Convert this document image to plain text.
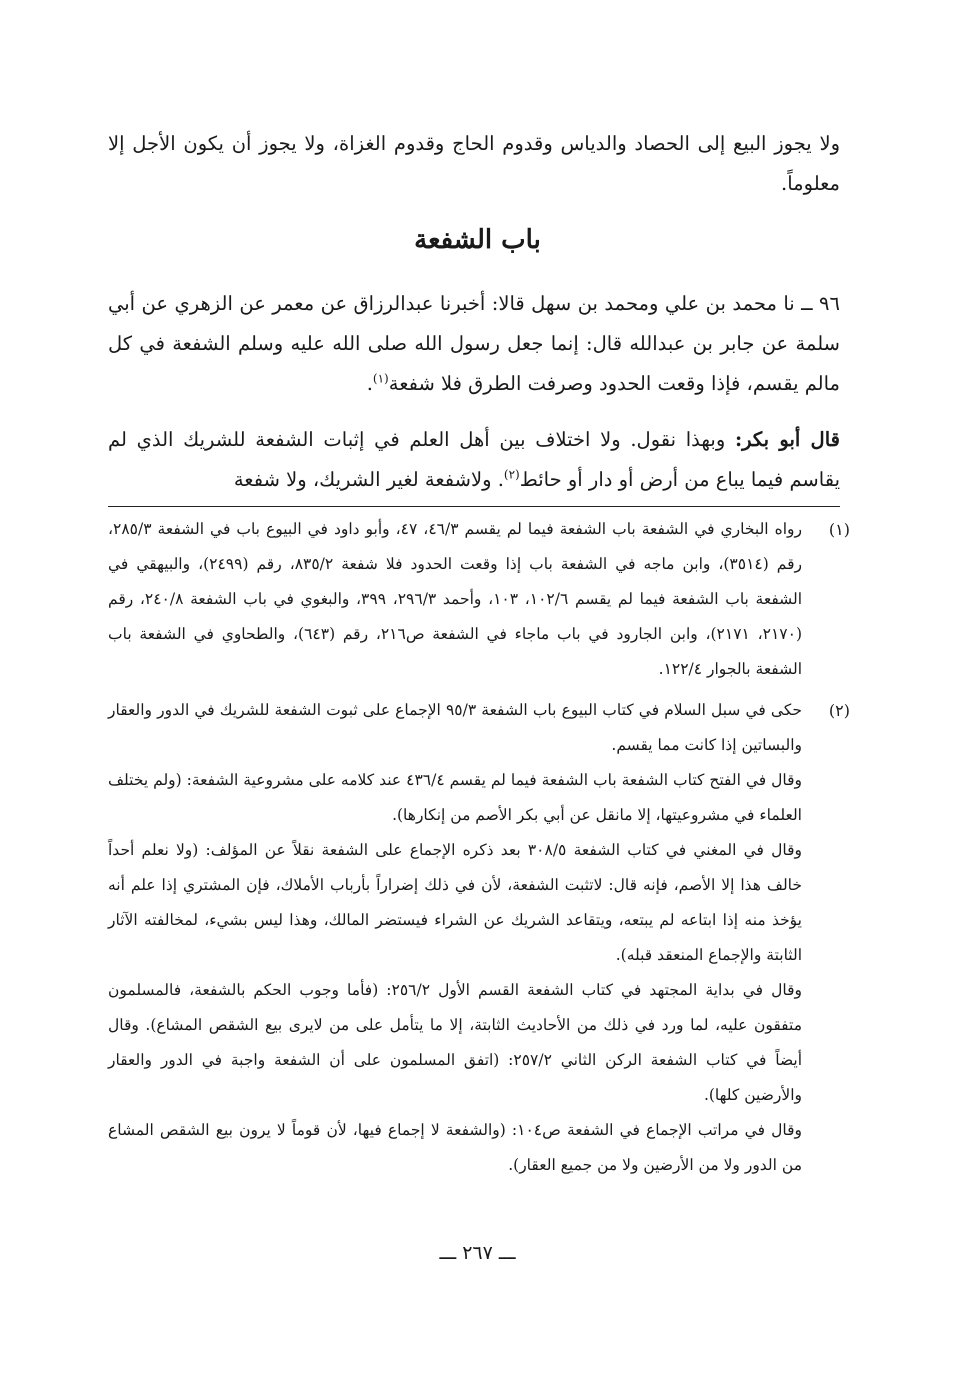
ولا يجوز البيع إلى الحصاد والدياس وقدوم الحاج وقدوم الغزاة، ولا يجوز أن يكون الأجل إلا معلوماً.
باب الشفعة
٩٦ ــ نا محمد بن علي ومحمد بن سهل قالا: أخبرنا عبدالرزاق عن معمر عن الزهري عن أبي سلمة عن جابر بن عبدالله قال: إنما جعل رسول الله صلى الله عليه وسلم الشفعة في كل مالم يقسم، فإذا وقعت الحدود وصرفت الطرق فلا شفعة$^{(١)}$.
قال أبو بكر: وبهذا نقول. ولا اختلاف بين أهل العلم في إثبات الشفعة للشريك الذي لم يقاسم فيما يباع من أرض أو دار أو حائط$^{(٢)}$. ولاشفعة لغير الشريك، ولا شفعة
(١)

رواه البخاري في الشفعة باب الشفعة فيما لم يقسم ٤٦/٣، ٤٧، وأبو داود في البيوع باب في الشفعة ٢٨٥/٣، رقم (٣٥١٤)، وابن ماجه في الشفعة باب إذا وقعت الحدود فلا شفعة ٨٣٥/٢، رقم (٢٤٩٩)، والبيهقي في الشفعة باب الشفعة فيما لم يقسم ١٠٢/٦، ١٠٣، وأحمد ٢٩٦/٣، ٣٩٩، والبغوي في باب الشفعة ٢٤٠/٨، رقم (٢١٧٠، ٢١٧١)، وابن الجارود في باب ماجاء في الشفعة ص٢١٦، رقم (٦٤٣)، والطحاوي في الشفعة باب الشفعة بالجوار ١٢٢/٤.

(٢)

حكى في سبل السلام في كتاب البيوع باب الشفعة ٩٥/٣ الإجماع على ثبوت الشفعة للشريك في الدور والعقار والبساتين إذا كانت مما يقسم.

وقال في الفتح كتاب الشفعة باب الشفعة فيما لم يقسم ٤٣٦/٤ عند كلامه على مشروعية الشفعة: (ولم يختلف العلماء في مشروعيتها، إلا مانقل عن أبي بكر الأصم من إنكارها).

وقال في المغني في كتاب الشفعة ٣٠٨/٥ بعد ذكره الإجماع على الشفعة نقلاً عن المؤلف: (ولا نعلم أحداً خالف هذا إلا الأصم، فإنه قال: لاتثبت الشفعة، لأن في ذلك إضراراً بأرباب الأملاك، فإن المشتري إذا علم أنه يؤخذ منه إذا ابتاعه لم يبتعه، ويتقاعد الشريك عن الشراء فيستضر المالك، وهذا ليس بشيء، لمخالفته الآثار الثابتة والإجماع المنعقد قبله).

وقال في بداية المجتهد في كتاب الشفعة القسم الأول ٢٥٦/٢: (فأما وجوب الحكم بالشفعة، فالمسلمون متفقون عليه، لما ورد في ذلك من الأحاديث الثابتة، إلا ما يتأمل على من لايرى بيع الشقص المشاع). وقال أيضاً في كتاب الشفعة الركن الثاني ٢٥٧/٢: (اتفق المسلمون على أن الشفعة واجبة في الدور والعقار والأرضين كلها).

وقال في مراتب الإجماع في الشفعة ص١٠٤: (والشفعة لا إجماع فيها، لأن قوماً لا يرون بيع الشقص المشاع من الدور ولا من الأرضين ولا من جميع العقار).

ـــ ٢٦٧ ـــ
